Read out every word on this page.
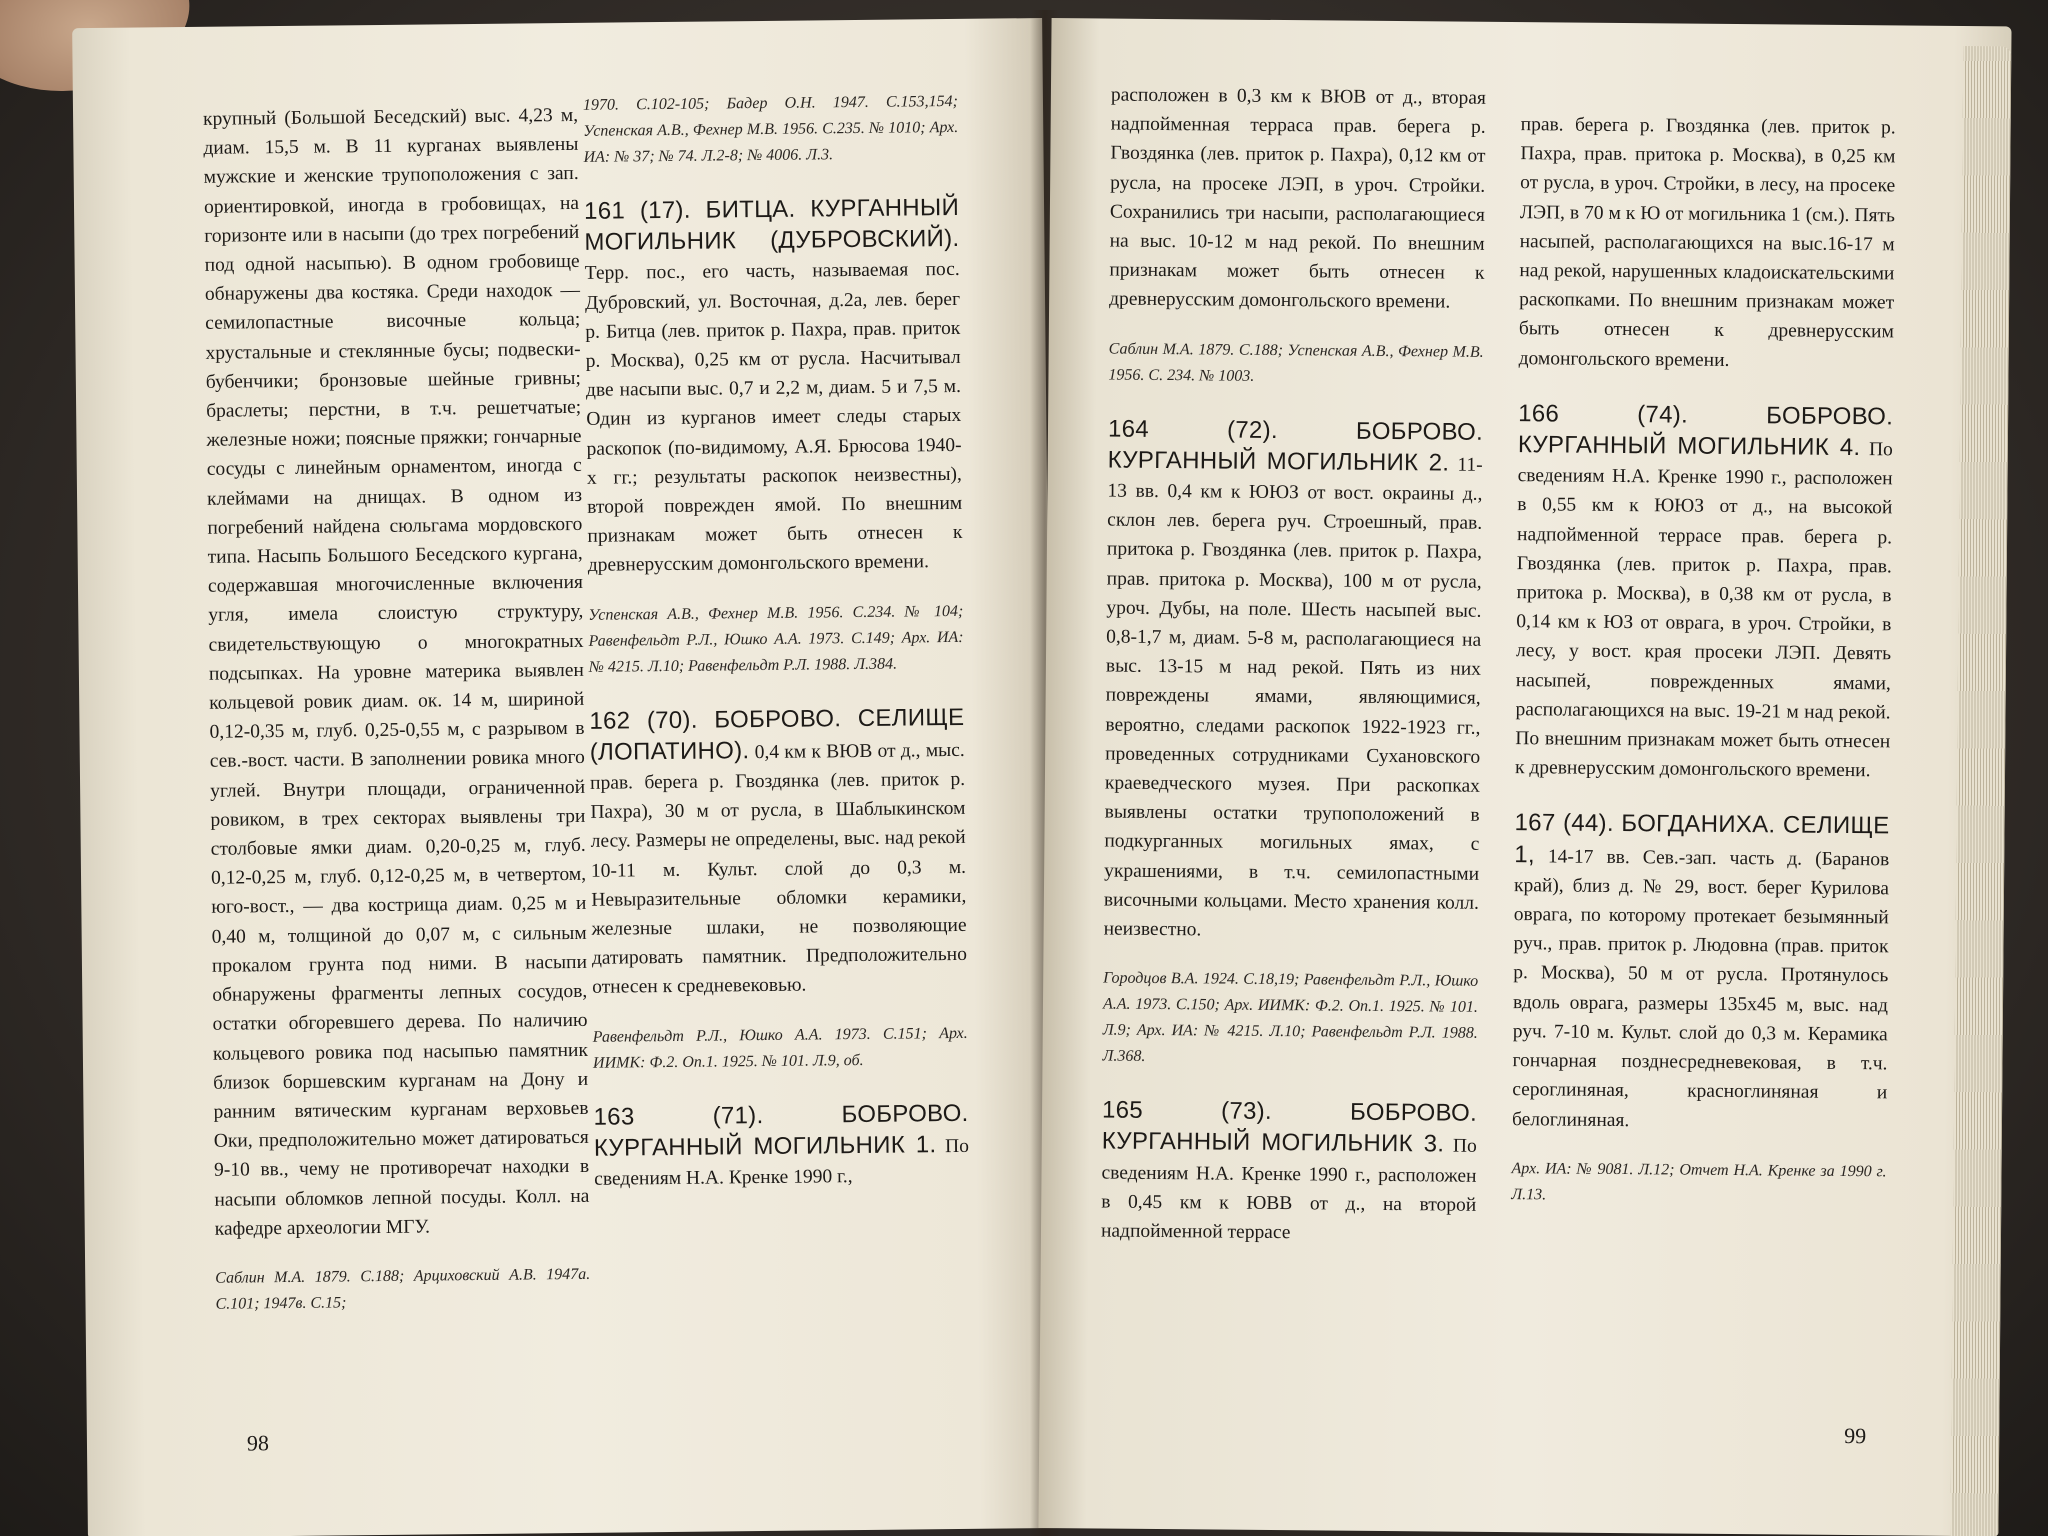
крупный (Большой Беседский) выс. 4,23 м, диам. 15,5 м. В 11 курганах выявлены мужские и женские трупоположения с зап. ориентировкой, иногда в гробовищах, на горизонте или в насыпи (до трех погребений под одной насыпью). В одном гробовище обнаружены два костяка. Среди находок — семилопастные височные кольца; хрустальные и стеклянные бусы; подвески-бубенчики; бронзовые шейные гривны; браслеты; перстни, в т.ч. решетчатые; железные ножи; поясные пряжки; гончарные сосуды с линейным орнаментом, иногда с клеймами на днищах. В одном из погребений найдена сюльгама мордовского типа. Насыпь Большого Беседского кургана, содержавшая многочисленные включения угля, имела слоистую структуру, свидетельствующую о многократных подсыпках. На уровне материка выявлен кольцевой ровик диам. ок. 14 м, шириной 0,12-0,35 м, глуб. 0,25-0,55 м, с разрывом в сев.-вост. части. В заполнении ровика много углей. Внутри площади, ограниченной ровиком, в трех секторах выявлены три столбовые ямки диам. 0,20-0,25 м, глуб. 0,12-0,25 м, глуб. 0,12-0,25 м, в четвертом, юго-вост., — два кострища диам. 0,25 м и 0,40 м, толщиной до 0,07 м, с сильным прокалом грунта под ними. В насыпи обнаружены фрагменты лепных сосудов, остатки обгоревшего дерева. По наличию кольцевого ровика под насыпью памятник близок боршевским курганам на Дону и ранним вятическим курганам верховьев Оки, предположительно может датироваться 9-10 вв., чему не противоречат находки в насыпи обломков лепной посуды. Колл. на кафедре археологии МГУ.

Саблин М.А. 1879. С.188; Арциховский А.В. 1947а. С.101; 1947в. С.15;

1970. С.102-105; Бадер О.Н. 1947. С.153,154; Успенская А.В., Фехнер М.В. 1956. С.235. № 1010; Арх. ИА: № 37; № 74. Л.2-8; № 4006. Л.3.

161 (17). БИТЦА. КУРГАННЫЙ МОГИЛЬНИК (ДУБРОВСКИЙ). Терр. пос., его часть, называемая пос. Дубровский, ул. Восточная, д.2а, лев. берег р. Битца (лев. приток р. Пахра, прав. приток р. Москва), 0,25 км от русла. Насчитывал две насыпи выс. 0,7 и 2,2 м, диам. 5 и 7,5 м. Один из курганов имеет следы старых раскопок (по-видимому, А.Я. Брюсова 1940-х гг.; результаты раскопок неизвестны), второй поврежден ямой. По внешним признакам может быть отнесен к древнерусским домонгольского времени.

Успенская А.В., Фехнер М.В. 1956. С.234. № 104; Равенфельдт Р.Л., Юшко А.А. 1973. С.149; Арх. ИА: № 4215. Л.10; Равенфельдт Р.Л. 1988. Л.384.

162 (70). БОБРОВО. СЕЛИЩЕ (ЛОПАТИНО). 0,4 км к ВЮВ от д., мыс. прав. берега р. Гвоздянка (лев. приток р. Пахра), 30 м от русла, в Шаблыкинском лесу. Размеры не определены, выс. над рекой 10-11 м. Культ. слой до 0,3 м. Невыразительные обломки керамики, железные шлаки, не позволяющие датировать памятник. Предположительно отнесен к средневековью.

Равенфельдт Р.Л., Юшко А.А. 1973. С.151; Арх. ИИМК: Ф.2. Оп.1. 1925. № 101. Л.9, об.

163 (71). БОБРОВО. КУРГАННЫЙ МОГИЛЬНИК 1. По сведениям Н.А. Кренке 1990 г.,

98

расположен в 0,3 км к ВЮВ от д., вторая надпойменная терраса прав. берега р. Гвоздянка (лев. приток р. Пахра), 0,12 км от русла, на просеке ЛЭП, в уроч. Стройки. Сохранились три насыпи, располагающиеся на выс. 10-12 м над рекой. По внешним признакам может быть отнесен к древнерусским домонгольского времени.

Саблин М.А. 1879. С.188; Успенская А.В., Фехнер М.В. 1956. С. 234. № 1003.

164 (72). БОБРОВО. КУРГАННЫЙ МОГИЛЬНИК 2. 11-13 вв. 0,4 км к ЮЮЗ от вост. окраины д., склон лев. берега руч. Строешный, прав. притока р. Гвоздянка (лев. приток р. Пахра, прав. притока р. Москва), 100 м от русла, уроч. Дубы, на поле. Шесть насыпей выс. 0,8-1,7 м, диам. 5-8 м, располагающиеся на выс. 13-15 м над рекой. Пять из них повреждены ямами, являющимися, вероятно, следами раскопок 1922-1923 гг., проведенных сотрудниками Сухановского краеведческого музея. При раскопках выявлены остатки трупоположений в подкурганных могильных ямах, с украшениями, в т.ч. семилопастными височными кольцами. Место хранения колл. неизвестно.

Городцов В.А. 1924. С.18,19; Равенфельдт Р.Л., Юшко А.А. 1973. С.150; Арх. ИИМК: Ф.2. Оп.1. 1925. № 101. Л.9; Арх. ИА: № 4215. Л.10; Равенфельдт Р.Л. 1988. Л.368.

165 (73). БОБРОВО. КУРГАННЫЙ МОГИЛЬНИК 3. По сведениям Н.А. Кренке 1990 г., расположен в 0,45 км к ЮВВ от д., на второй надпойменной террасе

прав. берега р. Гвоздянка (лев. приток р. Пахра, прав. притока р. Москва), в 0,25 км от русла, в уроч. Стройки, в лесу, на просеке ЛЭП, в 70 м к Ю от могильника 1 (см.). Пять насыпей, располагающихся на выс.16-17 м над рекой, нарушенных кладоискательскими раскопками. По внешним признакам может быть отнесен к древнерусским домонгольского времени.

166 (74). БОБРОВО. КУРГАННЫЙ МОГИЛЬНИК 4. По сведениям Н.А. Кренке 1990 г., расположен в 0,55 км к ЮЮЗ от д., на высокой надпойменной террасе прав. берега р. Гвоздянка (лев. приток р. Пахра, прав. притока р. Москва), в 0,38 км от русла, в 0,14 км к ЮЗ от оврага, в уроч. Стройки, в лесу, у вост. края просеки ЛЭП. Девять насыпей, поврежденных ямами, располагающихся на выс. 19-21 м над рекой. По внешним признакам может быть отнесен к древнерусским домонгольского времени.

167 (44). БОГДАНИХА. СЕЛИЩЕ 1, 14-17 вв. Сев.-зап. часть д. (Баранов край), близ д. № 29, вост. берег Курилова оврага, по которому протекает безымянный руч., прав. приток р. Людовна (прав. приток р. Москва), 50 м от русла. Протянулось вдоль оврага, размеры 135х45 м, выс. над руч. 7-10 м. Культ. слой до 0,3 м. Керамика гончарная позднесредневековая, в т.ч. сероглиняная, красноглиняная и белоглиняная.

Арх. ИА: № 9081. Л.12; Отчет Н.А. Кренке за 1990 г. Л.13.

99
